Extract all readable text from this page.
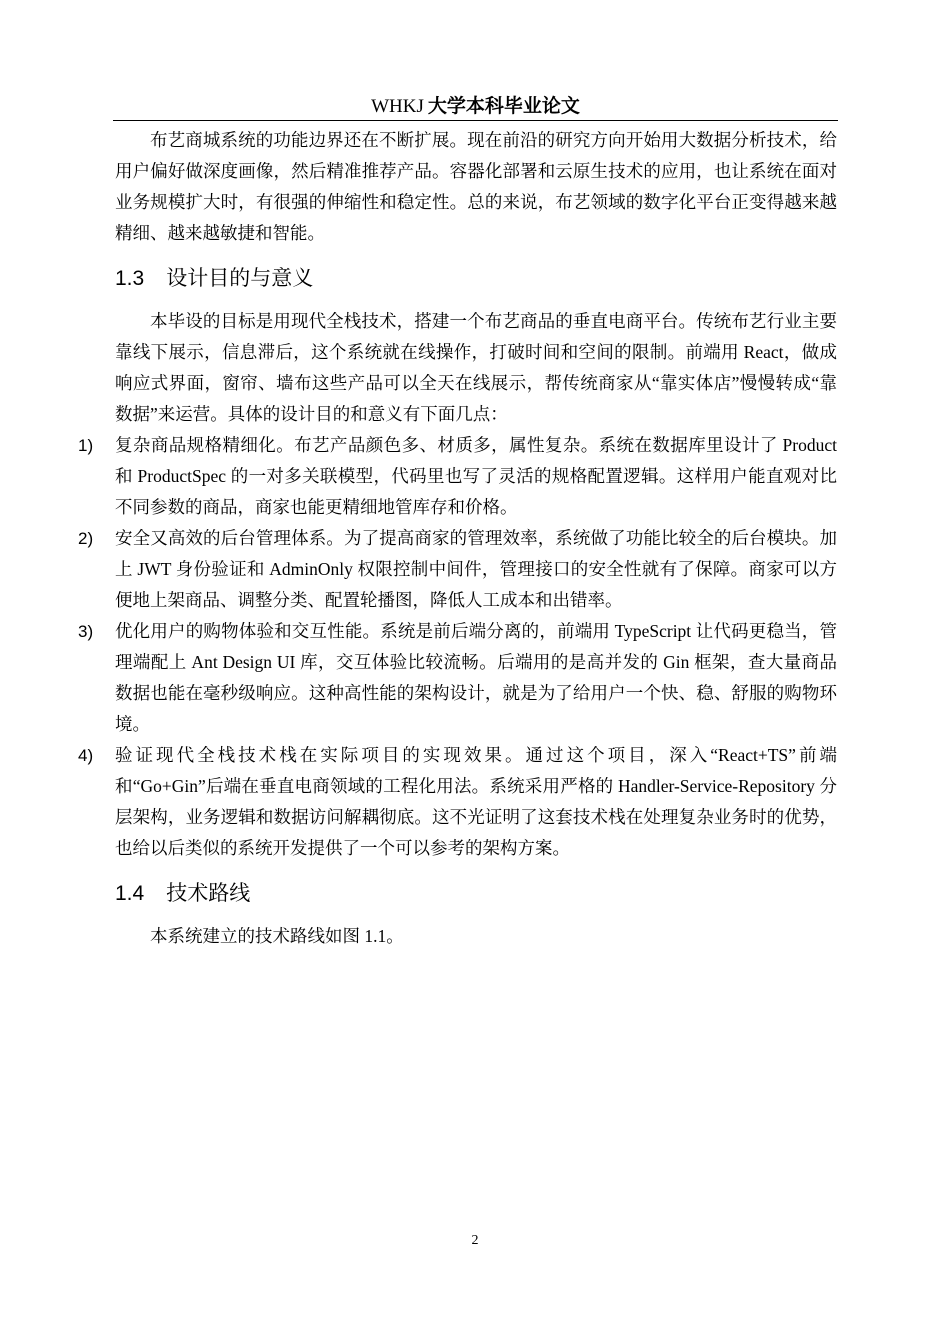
WHKJ 大学本科毕业论文

布艺商城系统的功能边界还在不断扩展。现在前沿的研究方向开始用大数据分析技术，给用户偏好做深度画像，然后精准推荐产品。容器化部署和云原生技术的应用，也让系统在面对业务规模扩大时，有很强的伸缩性和稳定性。总的来说，布艺领域的数字化平台正变得越来越精细、越来越敏捷和智能。

1.3 设计目的与意义

本毕设的目标是用现代全栈技术，搭建一个布艺商品的垂直电商平台。传统布艺行业主要靠线下展示，信息滞后，这个系统就在线操作，打破时间和空间的限制。前端用 React，做成响应式界面，窗帘、墙布这些产品可以全天在线展示，帮传统商家从“靠实体店”慢慢转成“靠数据”来运营。具体的设计目的和意义有下面几点：

1) 复杂商品规格精细化。布艺产品颜色多、材质多，属性复杂。系统在数据库里设计了 Product 和 ProductSpec 的一对多关联模型，代码里也写了灵活的规格配置逻辑。这样用户能直观对比不同参数的商品，商家也能更精细地管库存和价格。
2) 安全又高效的后台管理体系。为了提高商家的管理效率，系统做了功能比较全的后台模块。加上 JWT 身份验证和 AdminOnly 权限控制中间件，管理接口的安全性就有了保障。商家可以方便地上架商品、调整分类、配置轮播图，降低人工成本和出错率。
3) 优化用户的购物体验和交互性能。系统是前后端分离的，前端用 TypeScript 让代码更稳当，管理端配上 Ant Design UI 库，交互体验比较流畅。后端用的是高并发的 Gin 框架，查大量商品数据也能在毫秒级响应。这种高性能的架构设计，就是为了给用户一个快、稳、舒服的购物环境。
4) 验证现代全栈技术栈在实际项目的实现效果。通过这个项目，深入“React+TS”前端和“Go+Gin”后端在垂直电商领域的工程化用法。系统采用严格的 Handler-Service-Repository 分层架构，业务逻辑和数据访问解耦彻底。这不光证明了这套技术栈在处理复杂业务时的优势，也给以后类似的系统开发提供了一个可以参考的架构方案。
1.4 技术路线

本系统建立的技术路线如图 1.1。

2
